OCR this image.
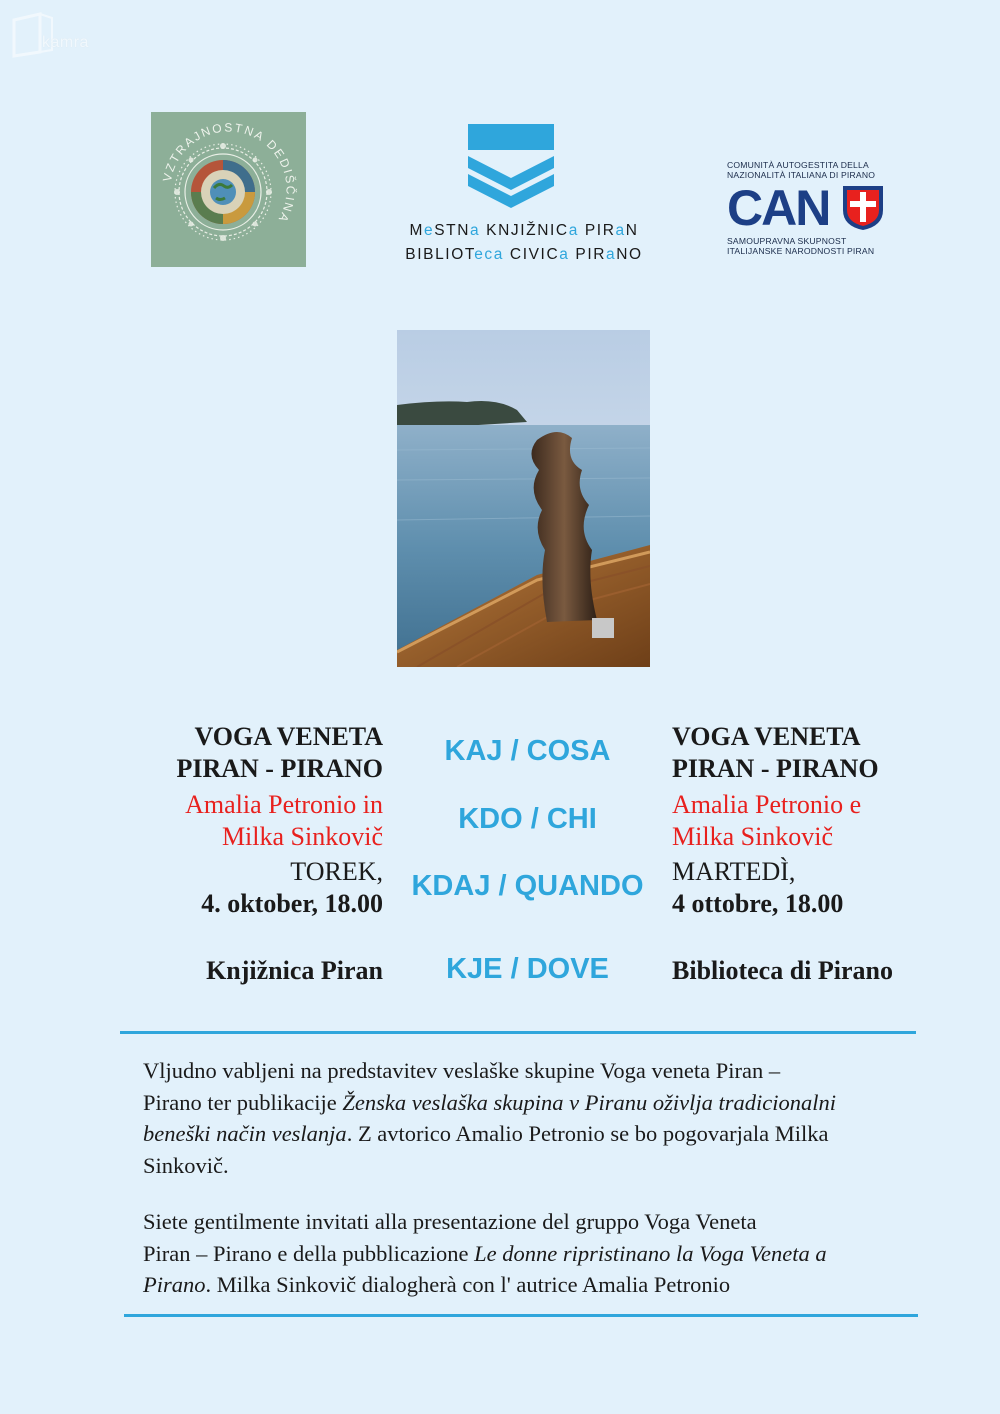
kamra
VZTRAJNOSTNA DEDIŠČINA
MeSTNa KNJIŽNICa PIRaN
BIBLIOTeca CIVICa PIRaNO
COMUNITÀ AUTOGESTITA DELLA
NAZIONALITÀ ITALIANA DI PIRANO
CAN
SAMOUPRAVNA SKUPNOST
ITALIJANSKE NARODNOSTI PIRAN
VOGA VENETA
PIRAN - PIRANO
Amalia Petronio in
Milka Sinkovič
TOREK,
4. oktober, 18.00
Knjižnica Piran
KAJ / COSA
KDO / CHI
KDAJ / QUANDO
KJE / DOVE
VOGA VENETA
PIRAN - PIRANO
Amalia Petronio e
Milka Sinkovič
MARTEDÌ,
4 ottobre, 18.00
Biblioteca di Pirano
Vljudno vabljeni na predstavitev veslaške skupine Voga veneta Piran –
Pirano ter publikacije Ženska veslaška skupina v Piranu oživlja tradicionalni
beneški način veslanja. Z avtorico Amalio Petronio se bo pogovarjala Milka
Sinkovič.
Siete gentilmente invitati alla presentazione del gruppo Voga Veneta
Piran – Pirano e della pubblicazione Le donne ripristinano la Voga Veneta a
Pirano. Milka Sinkovič dialogherà con l' autrice Amalia Petronio
